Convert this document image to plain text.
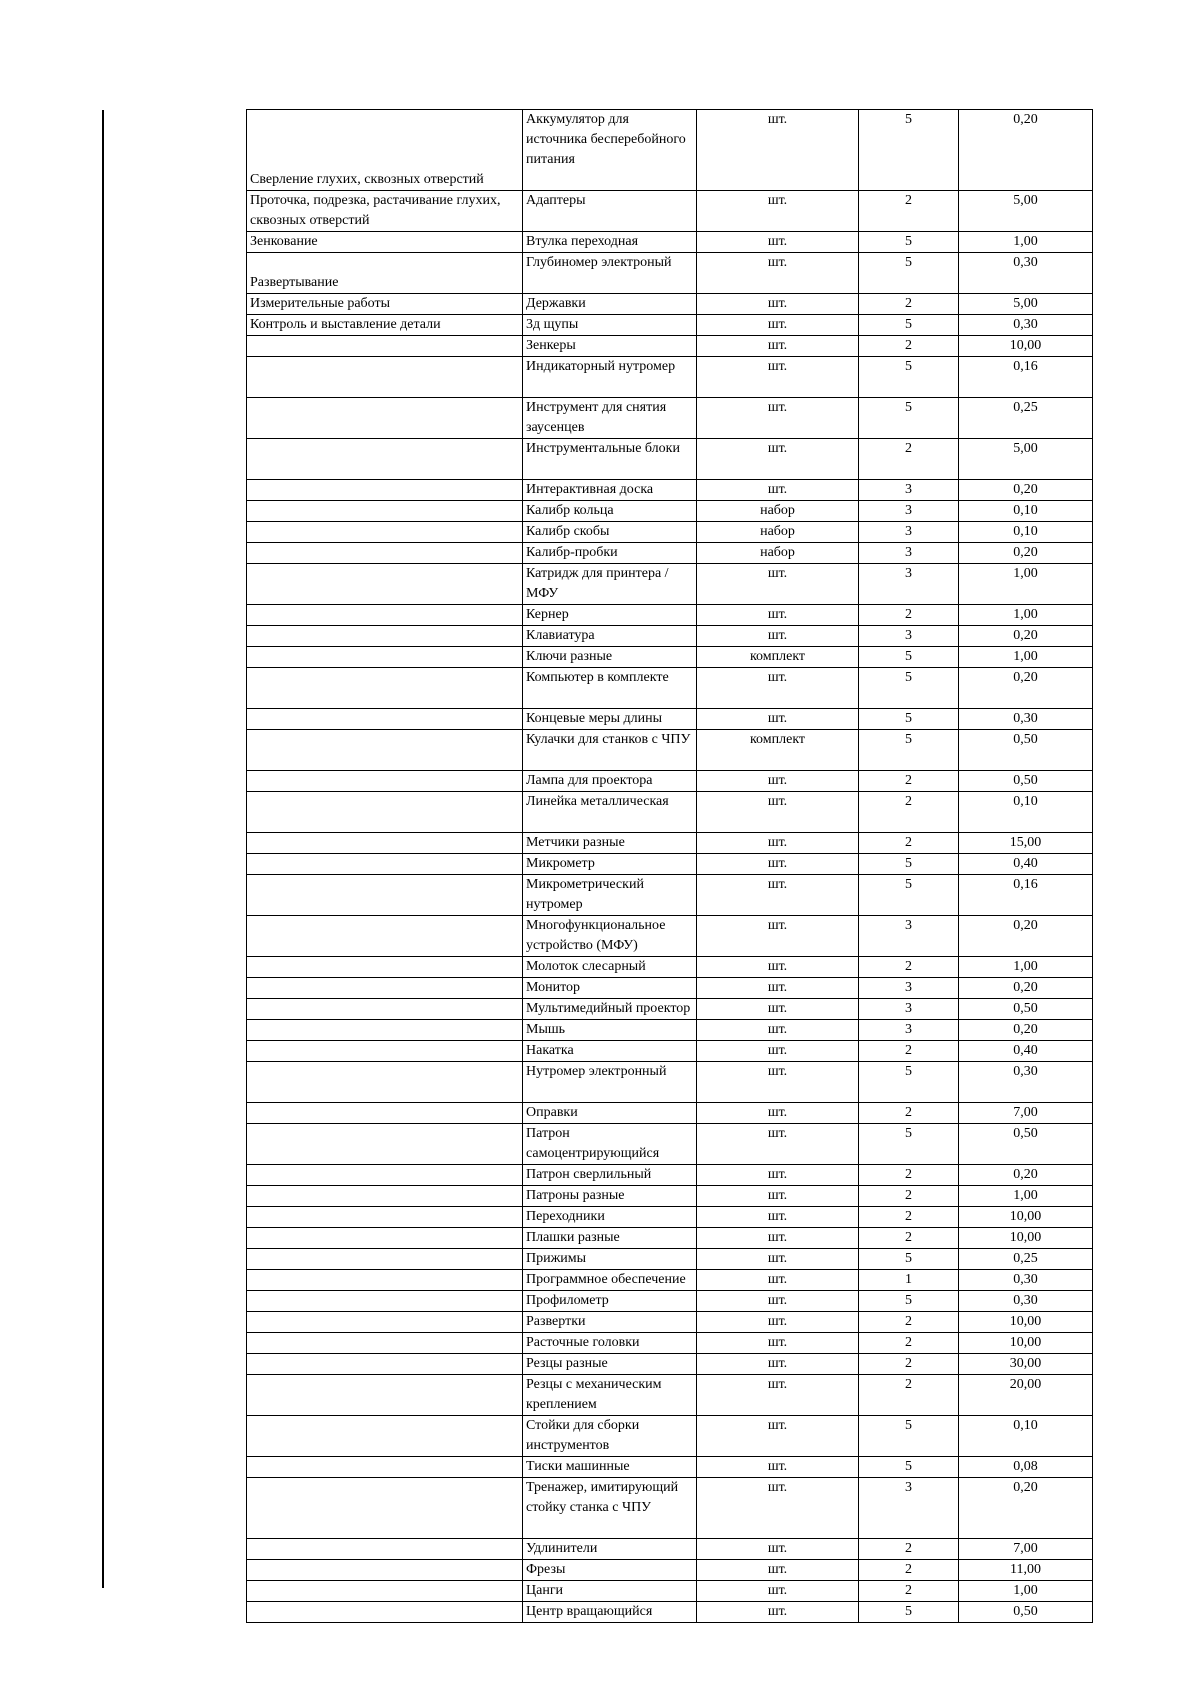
Сверление глухих, сквозных отверстий	Аккумулятор для источника бесперебойного питания	шт.	5	0,20
Проточка, подрезка, растачивание глухих, сквозных отверстий	Адаптеры	шт.	2	5,00
Зенкование	Втулка переходная	шт.	5	1,00
Развертывание	Глубиномер электроный	шт.	5	0,30
Измерительные работы	Державки	шт.	2	5,00
Контроль и выставление детали	3д щупы	шт.	5	0,30
	Зенкеры	шт.	2	10,00
	Индикаторный нутромер	шт.	5	0,16
	Инструмент для снятия заусенцев	шт.	5	0,25
	Инструментальные блоки	шт.	2	5,00
	Интерактивная доска	шт.	3	0,20
	Калибр кольца	набор	3	0,10
	Калибр скобы	набор	3	0,10
	Калибр-пробки	набор	3	0,20
	Катридж для принтера /МФУ	шт.	3	1,00
	Кернер	шт.	2	1,00
	Клавиатура	шт.	3	0,20
	Ключи разные	комплект	5	1,00
	Компьютер в комплекте	шт.	5	0,20
	Концевые меры длины	шт.	5	0,30
	Кулачки для станков с ЧПУ	комплект	5	0,50
	Лампа для проектора	шт.	2	0,50
	Линейка металлическая	шт.	2	0,10
	Метчики разные	шт.	2	15,00
	Микрометр	шт.	5	0,40
	Микрометрический нутромер	шт.	5	0,16
	Многофункциональное устройство (МФУ)	шт.	3	0,20
	Молоток слесарный	шт.	2	1,00
	Монитор	шт.	3	0,20
	Мультимедийный проектор	шт.	3	0,50
	Мышь	шт.	3	0,20
	Накатка	шт.	2	0,40
	Нутромер электронный	шт.	5	0,30
	Оправки	шт.	2	7,00
	Патрон самоцентрирующийся	шт.	5	0,50
	Патрон сверлильный	шт.	2	0,20
	Патроны разные	шт.	2	1,00
	Переходники	шт.	2	10,00
	Плашки разные	шт.	2	10,00
	Прижимы	шт.	5	0,25
	Программное обеспечение	шт.	1	0,30
	Профилометр	шт.	5	0,30
	Развертки	шт.	2	10,00
	Расточные головки	шт.	2	10,00
	Резцы разные	шт.	2	30,00
	Резцы с механическим креплением	шт.	2	20,00
	Стойки для сборки инструментов	шт.	5	0,10
	Тиски машинные	шт.	5	0,08
	Тренажер, имитирующий стойку станка с ЧПУ	шт.	3	0,20
	Удлинители	шт.	2	7,00
	Фрезы	шт.	2	11,00
	Цанги	шт.	2	1,00
	Центр вращающийся	шт.	5	0,50
